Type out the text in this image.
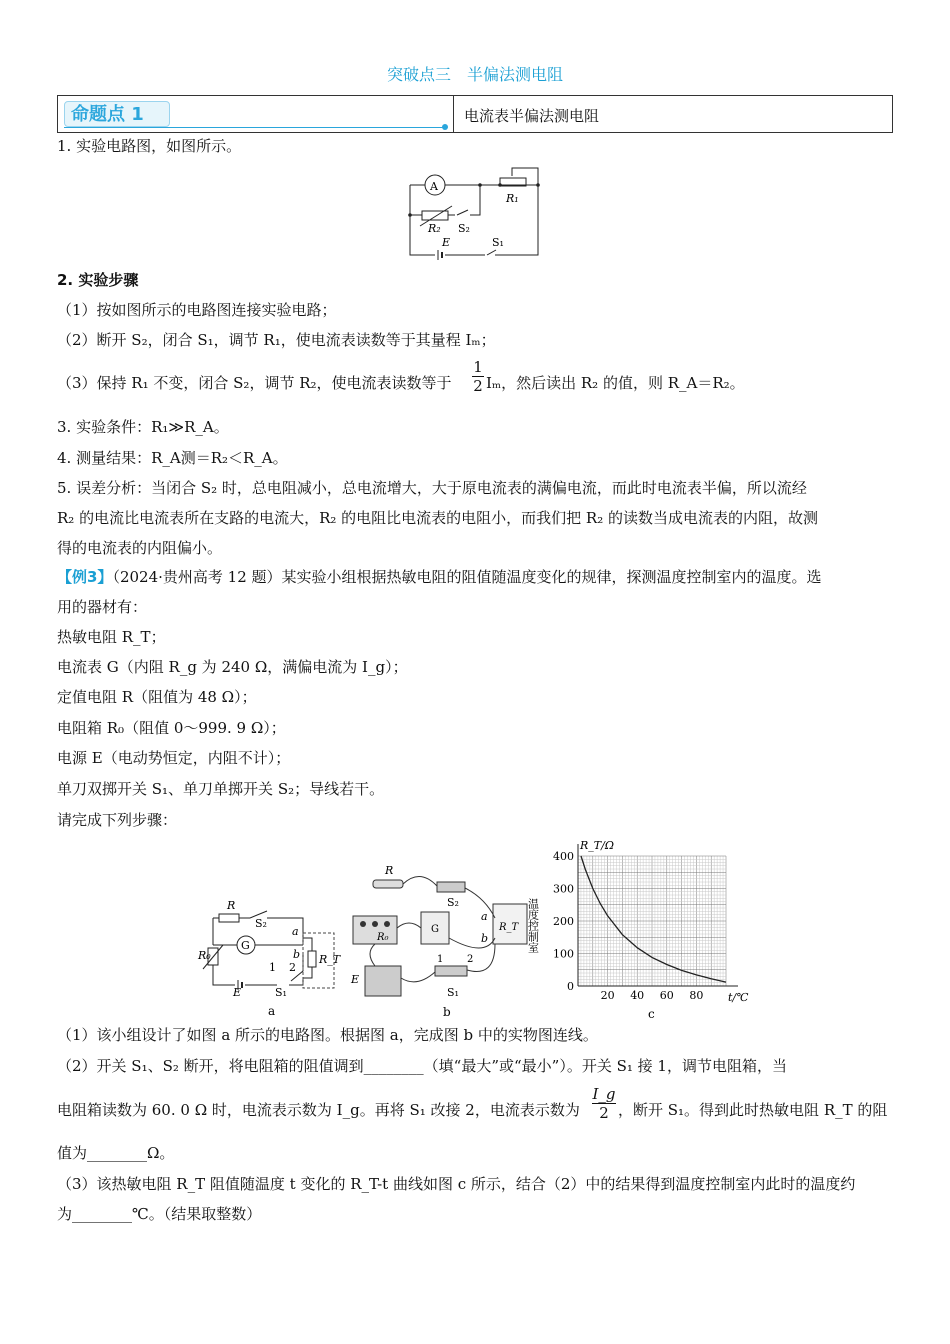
突破点三　半偏法测电阻
命题点 1	电流表半偏法测电阻
1. 实验电路图，如图所示。
A
R₁
R₂ S₂
E	S₁
2. 实验步骤
（1）按如图所示的电路图连接实验电路；
（2）断开 S₂，闭合 S₁，调节 R₁，使电流表读数等于其量程 Iₘ；
（3）保持 R₁ 不变，闭合 S₂，调节 R₂，使电流表读数等于 $\frac{1}{2}$ Iₘ，然后读出 R₂ 的值，则 R_A＝R₂。
3. 实验条件：R₁≫R_A。
4. 测量结果：R_A测＝R₂＜R_A。
5. 误差分析：当闭合 S₂ 时，总电阻减小，总电流增大，大于原电流表的满偏电流，而此时电流表半偏，所以流经
R₂ 的电流比电流表所在支路的电流大，R₂ 的电阻比电流表的电阻小，而我们把 R₂ 的读数当成电流表的内阻，故测
得的电流表的内阻偏小。
【例3】（2024·贵州高考 12 题）某实验小组根据热敏电阻的阻值随温度变化的规律，探测温度控制室内的温度。选
用的器材有：
热敏电阻 R_T；
电流表 G（内阻 R_g 为 240 Ω，满偏电流为 I_g）；
定值电阻 R（阻值为 48 Ω）；
电阻箱 R₀（阻值 0～999. 9 Ω）；
电源 E（电动势恒定，内阻不计）；
单刀双掷开关 S₁、单刀单掷开关 S₂；导线若干。
请完成下列步骤：
R
S₂
G
R₀	R_T
E	S₁
a
b
1 2
a
R
S₂
R₀
G
E
S₁
1 2
R_T
a
b	温度控制室
b
20 40 60 80
0
100
200
300
400
R_T/Ω
t/℃
c
（1）该小组设计了如图 a 所示的电路图。根据图 a，完成图 b 中的实物图连线。
（2）开关 S₁、S₂ 断开，将电阻箱的阻值调到________（填“最大”或“最小”）。开关 S₁ 接 1，调节电阻箱，当
电阻箱读数为 60. 0 Ω 时，电流表示数为 I_g。再将 S₁ 改接 2，电流表示数为 $\frac{I\_g}{2}$ ，断开 S₁。得到此时热敏电阻 R_T 的阻
值为________Ω。
（3）该热敏电阻 R_T 阻值随温度 t 变化的 R_T-t 曲线如图 c 所示，结合（2）中的结果得到温度控制室内此时的温度约
为________℃。（结果取整数）
